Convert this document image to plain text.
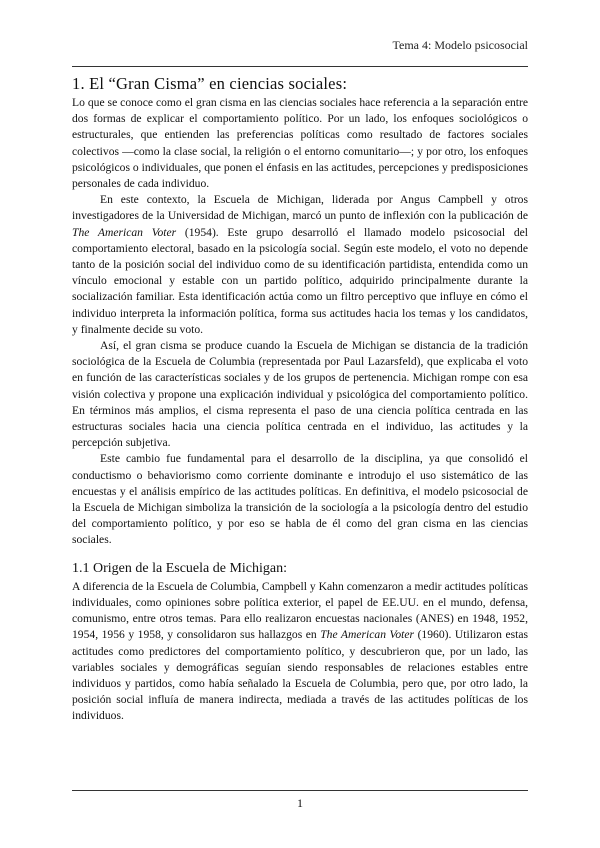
Tema 4: Modelo psicosocial
1. El “Gran Cisma” en ciencias sociales:

Lo que se conoce como el gran cisma en las ciencias sociales hace referencia a la separación entre dos formas de explicar el comportamiento político. Por un lado, los enfoques sociológicos o estructurales, que entienden las preferencias políticas como resultado de factores sociales colectivos —como la clase social, la religión o el entorno comunitario—; y por otro, los enfoques psicológicos o individuales, que ponen el énfasis en las actitudes, percepciones y predisposiciones personales de cada individuo.

En este contexto, la Escuela de Michigan, liderada por Angus Campbell y otros investigadores de la Universidad de Michigan, marcó un punto de inflexión con la publicación de The American Voter (1954). Este grupo desarrolló el llamado modelo psicosocial del comportamiento electoral, basado en la psicología social. Según este modelo, el voto no depende tanto de la posición social del individuo como de su identificación partidista, entendida como un vínculo emocional y estable con un partido político, adquirido principalmente durante la socialización familiar. Esta identificación actúa como un filtro perceptivo que influye en cómo el individuo interpreta la información política, forma sus actitudes hacia los temas y los candidatos, y finalmente decide su voto.

Así, el gran cisma se produce cuando la Escuela de Michigan se distancia de la tradición sociológica de la Escuela de Columbia (representada por Paul Lazarsfeld), que explicaba el voto en función de las características sociales y de los grupos de pertenencia. Michigan rompe con esa visión colectiva y propone una explicación individual y psicológica del comportamiento político. En términos más amplios, el cisma representa el paso de una ciencia política centrada en las estructuras sociales hacia una ciencia política centrada en el individuo, las actitudes y la percepción subjetiva.

Este cambio fue fundamental para el desarrollo de la disciplina, ya que consolidó el conductismo o behaviorismo como corriente dominante e introdujo el uso sistemático de las encuestas y el análisis empírico de las actitudes políticas. En definitiva, el modelo psicosocial de la Escuela de Michigan simboliza la transición de la sociología a la psicología dentro del estudio del comportamiento político, y por eso se habla de él como del gran cisma en las ciencias sociales.

1.1 Origen de la Escuela de Michigan:

A diferencia de la Escuela de Columbia, Campbell y Kahn comenzaron a medir actitudes políticas individuales, como opiniones sobre política exterior, el papel de EE.UU. en el mundo, defensa, comunismo, entre otros temas. Para ello realizaron encuestas nacionales (ANES) en 1948, 1952, 1954, 1956 y 1958, y consolidaron sus hallazgos en The American Voter (1960). Utilizaron estas actitudes como predictores del comportamiento político, y descubrieron que, por un lado, las variables sociales y demográficas seguían siendo responsables de relaciones estables entre individuos y partidos, como había señalado la Escuela de Columbia, pero que, por otro lado, la posición social influía de manera indirecta, mediada a través de las actitudes políticas de los individuos.

1
